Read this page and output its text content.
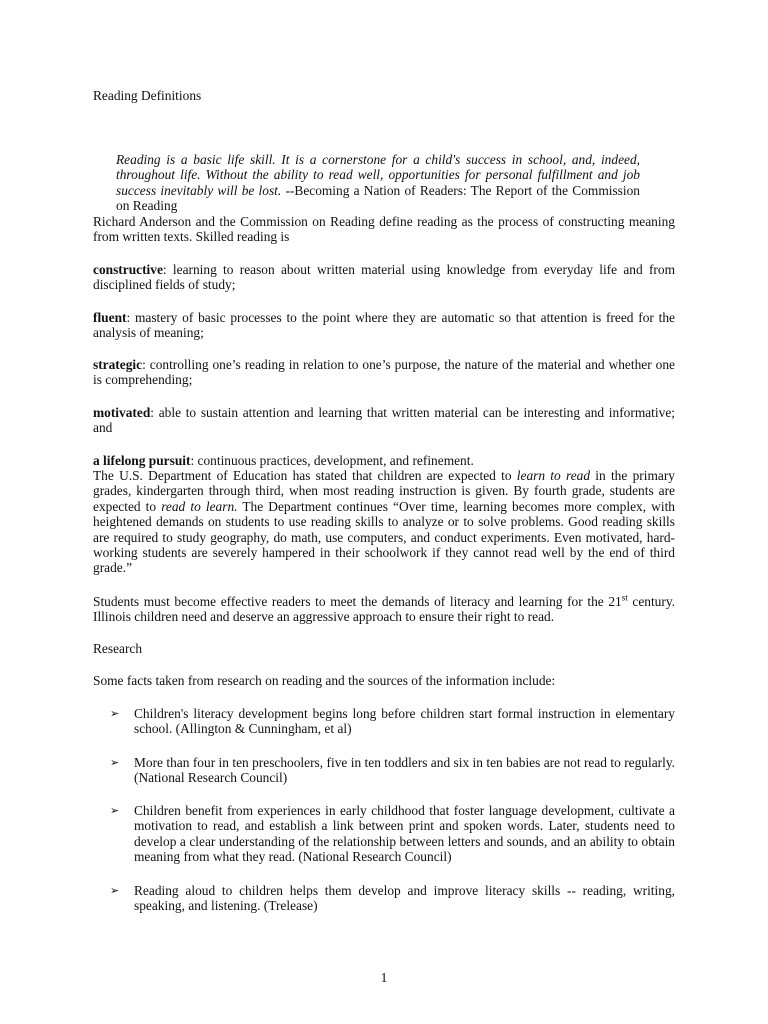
Reading Definitions

Reading is a basic life skill. It is a cornerstone for a child's success in school, and, indeed, throughout life. Without the ability to read well, opportunities for personal fulfillment and job success inevitably will be lost. --Becoming a Nation of Readers: The Report of the Commission on Reading

Richard Anderson and the Commission on Reading define reading as the process of constructing meaning from written texts. Skilled reading is

constructive: learning to reason about written material using knowledge from everyday life and from disciplined fields of study;

fluent: mastery of basic processes to the point where they are automatic so that attention is freed for the analysis of meaning;

strategic: controlling one’s reading in relation to one’s purpose, the nature of the material and whether one is comprehending;

motivated: able to sustain attention and learning that written material can be interesting and informative; and

a lifelong pursuit: continuous practices, development, and refinement.

The U.S. Department of Education has stated that children are expected to learn to read in the primary grades, kindergarten through third, when most reading instruction is given. By fourth grade, students are expected to read to learn. The Department continues “Over time, learning becomes more complex, with heightened demands on students to use reading skills to analyze or to solve problems. Good reading skills are required to study geography, do math, use computers, and conduct experiments. Even motivated, hard-working students are severely hampered in their schoolwork if they cannot read well by the end of third grade.”

Students must become effective readers to meet the demands of literacy and learning for the 21st century. Illinois children need and deserve an aggressive approach to ensure their right to read.

Research

Some facts taken from research on reading and the sources of the information include:

➢	Children's literacy development begins long before children start formal instruction in elementary school. (Allington & Cunningham, et al)
➢	More than four in ten preschoolers, five in ten toddlers and six in ten babies are not read to regularly. (National Research Council)
➢	Children benefit from experiences in early childhood that foster language development, cultivate a motivation to read, and establish a link between print and spoken words. Later, students need to develop a clear understanding of the relationship between letters and sounds, and an ability to obtain meaning from what they read. (National Research Council)
➢	Reading aloud to children helps them develop and improve literacy skills -- reading, writing, speaking, and listening. (Trelease)
1
